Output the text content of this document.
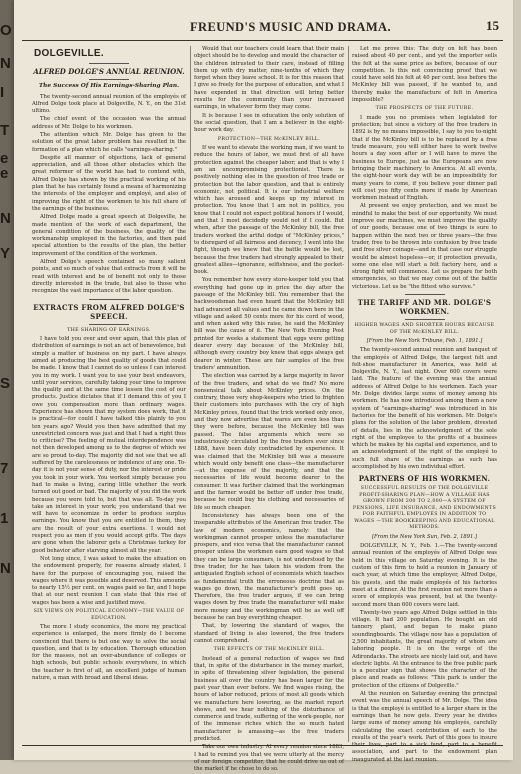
O
N
I
T
e
e
N
Y
S
7
1
N
FREUND'S MUSIC AND DRAMA.	15
DOLGEVILLE.
ALFRED DOLGE'S ANNUAL REUNION.
The Success Of His Earnings-Sharing Plan.

The twenty-second annual reunion of the employés of Alfred Dolge took place at Dolgeville, N. Y., on the 31st ultimo.

The chief event of the occasion was the annual address of Mr. Dolge to his workmen.

The attention which Mr. Dolge has given to the solution of the great labor problem has resulted in the formation of a plan which he calls "earnings-sharing."

Despite all manner of objections, lack of general appreciation, and all those other obstacles which the great reformer of the world has had to contend with, Alfred Dolge has shown by the practical working of his plan that he has certainly found a means of harmonizing the interests of the employer and employé, and also of improving the right of the workmen to his full share of the earnings of the business.

Alfred Dolge made a great speech at Dolgeville, he made mention of the work of each department, the general condition of the business, the quality of the workmanship employed in the factories, and then paid special attention to the results of the plan, the better improvement of the condition of the workmen.

Alfred Dolge's speech contained so many salient points, and so much of value that extracts from it will be read with interest and be of benefit not only to those directly interested in the trade, but also to those who recognize the vast importance of the labor question.

EXTRACTS FROM ALFRED DOLGE'S SPEECH.
THE SHARING OF EARNINGS.

I have told you over and over again, that this plan of distribution of earnings is not an act of benevolence, but simply a matter of business on my part. I have always aimed at producing the best quality of goods that could be made. I know that I cannot do so unless I can interest you in my work. I want you to use your best endeavors, until your services, carefully taking your time to improve the quality and at the same time lessen the cost of our products. Justice dictates that if I demand this of you I owe you compensation more than ordinary wages. Experience has shown that my system does work, that it is practical—for could I have talked this plainly to you ten years ago? Would you then have admitted that my unrestricted concern was just and that I had a right thus to criticise? The feeling of mutual interdependence was not then developed among us to the degree of which we are so proud to-day. The majority did not see that we all suffered by the carelessness or indolence of any one. To-day it is not your sense of duty, nor the interest or pride you took in your work. You worked simply because you had to make a living, caring little whether the work turned out good or bad. The majority of you did the work because you were told to, but that was all. To-day you take an interest in your work; you understand that we will have to economize in order to produce surplus earnings. You know that you are entitled to them, they are the result of your extra exertions. I would not respect you as men if you would accept gifts. The days are gone when the laborer gets a Christmas turkey for good behavior after starving almost all the year.

Not long since, I was asked to make the situation on the endowment properly, for reasons already stated, I have for the purpose of encouraging you, raised the wages where it was possible and deserved. This amounts to nearly 15½ per cent. on wages paid so far, and I hope that at our next reunion I can state that this rise of wages has been a wise and justified move.

SIX VIEWS ON POLITICAL ECONOMY—THE VALUE OF EDUCATION.

The more I study economics, the more my practical experience is enlarged, the more firmly do I become convinced that there is but one way to solve the social question, and that is by education. Thorough education for the masses, not an over-abundance of colleges or high schools, but public schools everywhere, in which the teacher is first of all, an excellent judge of human nature, a man with broad and liberal ideas.

Would that our teachers could learn that their main object should be to develop and mould the character of the children intrusted to their care, instead of filling them up with dry matter, nine-tenths of which they forget when they leave school. It is for this reason that I give so freely for the purpose of education, and what I have expended in that direction will bring better results for the community than your increased earnings, in whatever form they may come.

It is because I see in education the only solution of the social question, that I am a believer in the eight-hour work day.

PROTECTION—THE McKINLEY BILL.

If we want to elevate the working man, if we want to reduce the hours of labor, we must first of all have protection against the cheaper labor; and that is why I am an uncompromising protectionist. There is positively nothing else in the question of free trade or protection but the labor question, and that is entirely economic, not political. It is our industrial welfare which has aroused and keeps up my interest in protection. You know that I am not in politics, you know that I could not expect political honors if I would, and that I most decidedly would not if I could. But when, after the passage of the McKinley bill, the free traders worked the artful dodge of "McKinley prices," to disregard of all fairness and decency, I went into the fight, though we knew that the battle would be lost, because the free traders had strongly appealed to their greatest allies—ignorance, selfishness, and the pocket-book.

You remember how every store-keeper told you that everything had gone up in price the day after the passage of the McKinley bill. You remember that the backwoodsman had even heard that the McKinley bill had advanced all values and he came down here in the village and asked 50 cents more for his cord of wood, and when asked why this raise, he said the McKinley bill was the cause of it. The New York Evening Post printed for weeks a statement that eggs were getting dearer every day because of the McKinley bill, although every country boy knew that eggs always get dearer in winter. These are fair samples of the free traders' ammunition.

The election was carried by a large majority in favor of the free traders, and what do we find? No more nonsensical talk about McKinley prices. On the contrary, those very shop-keepers who tried to frighten their customers into purchases with the cry of high McKinley prices, found that the trick worked only once, and they now advertise that wares are even less than they were before, because the McKinley bill was passed. The false arguments which were so industriously circulated by the free traders ever since 1888, have been duly contradicted by experience. It was claimed that the McKinley bill was a measure which would only benefit one class—the manufacturer—at the expense of the majority, and that the necessaries of life would become dearer to the consumer. It was further claimed that the workingman and the farmer would be better off under free trade, because he could buy his clothing and necessaries of life so much cheaper.

Inconsistency has always been one of the inseparable attributes of the American free trader. The law of modern economics, namely: that the workingman cannot prosper unless the manufacturer prospers, and vice versa that the manufacturer cannot prosper unless the workmen earn good wages so that they can be large consumers, is not understood by the free trader, for he has taken his wisdom from the antiquated English school of economists which teaches as fundamental truth the erroneous doctrine that as wages go down, the manufacturer's profit goes up. Therefore, the free trader argues, if we can bring wages down by free trade the manufacturer will make more money and the workingman will be as well off because he can buy everything cheaper.

That, by lowering the standard of wages, the standard of living is also lowered, the free traders cannot comprehend.

THE EFFECTS OF THE McKINLEY BILL.

Instead of a general reduction of wages we find that, in spite of the disturbance in the money market, in spite of threatening silver legislation, the general business all over the country has been larger for the past year than ever before. We find wages rising, the hours of labor reduced, prices of most all goods which we manufacture here lowering, as the market report shows, and we hear nothing of the disturbance of commerce and trade, suffering of the work-people, nor of the immense riches which the so much hated manufacturer is amassing—as the free traders predicted.

Take our own industry. At every reunion since 1883, I had to remind you that we were utterly at the mercy of our foreign competitor, that he could drive us out of the market if he chose to do so.

Let me prove this: The duty on felt has been raised about 40 per cent., and yet the importer sells the felt at the same price as before, because of our competition. Is this not convincing proof that we could have sold his felt at 40 per cent. less before the McKinley bill was passed, if he wanted to, and thereby make the manufacture of felt in America impossible?

THE PROSPECTS OF THE FUTURE.

I made you no promises when legislated for protection; but since a victory of the free traders in 1892 is by no means impossible, I say to you to-night that if the McKinley bill is to be replaced by a free trade measure, you will either have to work twelve hours a day soon after or I will have to move the business to Europe, just as the Europeans are now bringing their machinery to America. At all events, the eight-hour work day will be an impossibility for many years to come, if you believe your dinner pail will cost you fifty cents more if made by American workmen instead of English.

At present we enjoy protection, and we must be mindful to make the best of our opportunity. We must improve our machines, we must improve the quality of our goods, because one of two things is sure to happen within the next two or three years—the free trader, free to be thrown into confusion by free trade and free silver coinage—and in that case our struggle would be almost hopeless—or, if protection prevails, some one else will start a felt factory here, and a strong fight will commence. Let us prepare for both emergencies, so that we may come out of the battle victorious. Let us be "the fittest who survive."

THE TARIFF AND MR. DOLGE'S WORKMEN.
HIGHER WAGES AND SHORTER HOURS BECAUSE OF THE McKINLEY BILL.
[From the New York Tribune, Feb. 1, 1891.]

The twenty-second annual reunion and banquet of the employés of Alfred Dolge, the largest felt and felt-shoe manufacturer in America, was held at Dolgeville, N. Y., last night. Over 600 covers were laid. The feature of the evening was the annual address of Alfred Dolge to his workmen. Each year Mr. Dolge divides large sums of money among his workmen. He has now introduced among them a new system of "earnings-sharing" was introduced in his factories for the benefit of his workmen. Mr. Dolge's plans for the solution of the labor problem, divested of details, lies in the acknowledgment of the sole right of the employee to the profits of a business which he makes by his capital and experience, and to an acknowledgment of the right of the employé to such full share of the earnings as such has accomplished by his own individual effort.

PARTNERS OF HIS WORKMEN.
SUCCESSFUL RESULTS OF THE DOLGEVILLE PROFIT-SHARING PLAN—HOW A VILLAGE HAS GROWN FROM 200 TO 2,000—A SYSTEM OF PENSIONS, LIFE INSURANCE, AND ENDOWMENTS FOR FAITHFUL EMPLOYÉS IN ADDITION TO WAGES —THE BOOKKEEPING AND EDUCATIONAL METHODS.
[From the New York Sun, Feb. 2, 1891.]

DOLGEVILLE, N. Y., Feb. 1.—The twenty-second annual reunion of the employés of Alfred Dolge was held in this village on Saturday evening. It is the custom of this firm to hold a reunion in January of each year, at which time the employer, Alfred Dolge, his guests, and the male employés of his factories meet at a dinner. At the first reunion not more than a score of employés was present, but at the twenty-second more than 600 covers were laid.

Twenty-two years ago Alfred Dolge settled in this village. It had 200 population. He bought an old tannery plant, and began to make piano soundingboards. The village now has a population of 2,500 inhabitants, the great majority of whom are laboring people. It is on the verge of the Adirondacks. The streets are nicely laid out, and have electric lights. At the entrance to the free public park is a peculiar sign that shows the character of the place and reads as follows: "This park is under the protection of the citizens of Dolgeville."

At the reunion on Saturday evening the principal event was the annual speech of Mr. Dolge. The idea is that the employé is entitled to a larger share in the earnings than he now gets. Every year he divides large sums of money among his employés, carefully calculating the exact contribution of each to the results of the year's work. Part of this goes to insure their lives, part to a sick fund, part to a benefit association, and part to the endowment plan inaugurated at the last reunion.
